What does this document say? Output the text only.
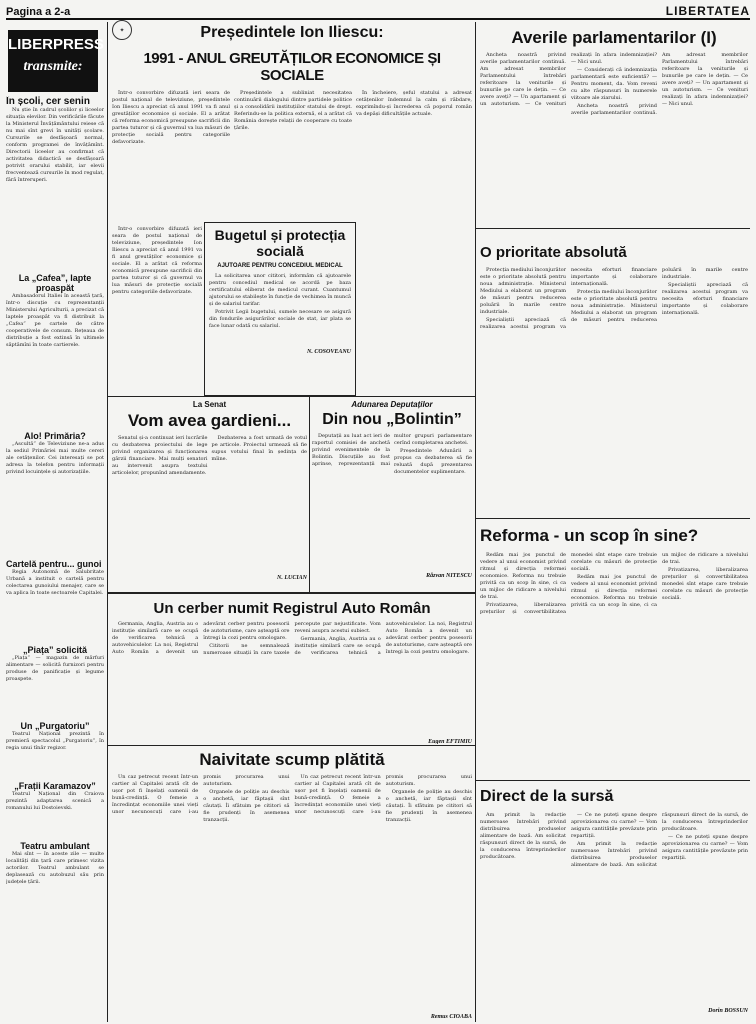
Pagina a 2-a	LIBERTATEA
LIBERPRESS
transmite:
În școli, cer senin

Nu știe în cadrul școlilor și liceelor situația elevilor. Din verificările făcute la Ministerul Învățământului reiese că nu mai sînt grevi în unități școlare. Cursurile se desfășoară normal, conform programei de învățămînt. Directorii liceelor au confirmat că activitatea didactică se desfășoară potrivit orarului stabilit, iar elevii frecventează cursurile în mod regulat, fără întreruperi.

La „Cafea”, lapte proaspăt

Ambasadorul Italiei în această țară, într-o discuție cu reprezentanții Ministerului Agriculturii, a precizat că laptele proaspăt va fi distribuit la „Cafea” pe cartele de către cooperativele de consum. Rețeaua de distribuție a fost extinsă în ultimele săptămîni în toate cartierele.

Alo! Primăria?

„Ascultă” de Televiziune ne-a adus la sediul Primăriei mai multe cereri ale cetățenilor. Cei interesați se pot adresa la telefon pentru informații privind locuințele și autorizațiile.

Cartelă pentru... gunoi

Regia Autonomă de Salubritate Urbană a instituit o cartelă pentru colectarea gunoiului menajer, care se va aplica în toate sectoarele Capitalei.

„Piața” solicită

„Piața” — magazin de mărfuri alimentare — solicită furnizori pentru produse de panificație și legume proaspete.

Un „Purgatoriu”

Teatrul Național prezintă în premieră spectacolul „Purgatoriu”, în regia unui tînăr regizor.

„Frații Karamazov”

Teatrul Național din Craiova prezintă adaptarea scenică a romanului lui Dostoievski.

Teatru ambulant

Mai sînt — în aceste zile — multe localități din țară care primesc vizita actorilor. Teatrul ambulant se deplasează cu autobuzul său prin județele țării.

✦	Președintele Ion Iliescu:
1991 - ANUL GREUTĂȚILOR ECONOMICE ȘI SOCIALE

Într-o convorbire difuzată ieri seara de postul național de televiziune, președintele Ion Iliescu a apreciat că anul 1991 va fi anul greutăților economice și sociale. El a arătat că reforma economică presupune sacrificii din partea tuturor și că guvernul va lua măsuri de protecție socială pentru categoriile defavorizate.

Președintele a subliniat necesitatea continuării dialogului dintre partidele politice și a consolidării instituțiilor statului de drept. Referindu-se la politica externă, el a arătat că România dorește relații de cooperare cu toate țările.

În încheiere, șeful statului a adresat cetățenilor îndemnul la calm și răbdare, exprimîndu-și încrederea că poporul român va depăși dificultățile actuale.

Într-o convorbire difuzată ieri seara de postul național de televiziune, președintele Ion Iliescu a apreciat că anul 1991 va fi anul greutăților economice și sociale. El a arătat că reforma economică presupune sacrificii din partea tuturor și că guvernul va lua măsuri de protecție socială pentru categoriile defavorizate.

Bugetul și protecția socială
AJUTOARE PENTRU CONCEDIUL MEDICAL

La solicitarea unor cititori, informăm că ajutoarele pentru concediul medical se acordă pe baza certificatului eliberat de medicul curant. Cuantumul ajutorului se stabilește în funcție de vechimea în muncă și de salariul tarifar.

Potrivit Legii bugetului, sumele necesare se asigură din fondurile asigurărilor sociale de stat, iar plata se face lunar odată cu salariul.

N. COSOVEANU
La Senat
Vom avea gardieni...

Senatul și-a continuat ieri lucrările cu dezbaterea proiectului de lege privind organizarea și funcționarea gărzii financiare. Mai mulți senatori au intervenit asupra textului articolelor, propunînd amendamente.

Dezbaterea a fost urmată de votul pe articole. Proiectul urmează să fie supus votului final în ședința de mîine.

N. LUCIAN
Adunarea Deputaților
Din nou „Bolintin”

Deputații au luat act ieri de raportul comisiei de anchetă privind evenimentele de la Bolintin. Discuțiile au fost aprinse, reprezentanții mai multor grupuri parlamentare cerînd completarea anchetei.

Președintele Adunării a propus ca dezbaterea să fie reluată după prezentarea documentelor suplimentare.

Răzvan NITESCU
Un cerber numit Registrul Auto Român

Germania, Anglia, Austria au o instituție similară care se ocupă de verificarea tehnică a autovehiculelor. La noi, Registrul Auto Român a devenit un adevărat cerber pentru posesorii de autoturisme, care așteaptă ore întregi la cozi pentru omologare.

Cititorii ne semnalează numeroase situații în care taxele percepute par nejustificate. Vom reveni asupra acestui subiect.

Germania, Anglia, Austria au o instituție similară care se ocupă de verificarea tehnică a autovehiculelor. La noi, Registrul Auto Român a devenit un adevărat cerber pentru posesorii de autoturisme, care așteaptă ore întregi la cozi pentru omologare.

Eugen EFTIMIU
Naivitate scump plătită

Un caz petrecut recent într-un cartier al Capitalei arată cît de ușor pot fi înșelați oamenii de bună-credință. O femeie a încredințat economiile unei vieți unor necunoscuți care i-au promis procurarea unui autoturism.

Organele de poliție au deschis o anchetă, iar făptașii sînt căutați. Îi sfătuim pe cititori să fie prudenți în asemenea tranzacții.

Un caz petrecut recent într-un cartier al Capitalei arată cît de ușor pot fi înșelați oamenii de bună-credință. O femeie a încredințat economiile unei vieți unor necunoscuți care i-au promis procurarea unui autoturism.

Organele de poliție au deschis o anchetă, iar făptașii sînt căutați. Îi sfătuim pe cititori să fie prudenți în asemenea tranzacții.

Remus CIOABA
Averile parlamentarilor (I)

Ancheta noastră privind averile parlamentarilor continuă. Am adresat membrilor Parlamentului întrebări referitoare la veniturile și bunurile pe care le dețin. — Ce avere aveți? — Un apartament și un autoturism. — Ce venituri realizați în afara indemnizației? — Nici unul.

— Considerați că indemnizația parlamentară este suficientă? — Pentru moment, da. Vom reveni cu alte răspunsuri în numerele viitoare ale ziarului.

Ancheta noastră privind averile parlamentarilor continuă. Am adresat membrilor Parlamentului întrebări referitoare la veniturile și bunurile pe care le dețin. — Ce avere aveți? — Un apartament și un autoturism. — Ce venituri realizați în afara indemnizației? — Nici unul.

O prioritate absolută

Protecția mediului înconjurător este o prioritate absolută pentru noua administrație. Ministerul Mediului a elaborat un program de măsuri pentru reducerea poluării în marile centre industriale.

Specialiștii apreciază că realizarea acestui program va necesita eforturi financiare importante și colaborare internațională.

Protecția mediului înconjurător este o prioritate absolută pentru noua administrație. Ministerul Mediului a elaborat un program de măsuri pentru reducerea poluării în marile centre industriale.

Specialiștii apreciază că realizarea acestui program va necesita eforturi financiare importante și colaborare internațională.

Reforma - un scop în sine?

Redăm mai jos punctul de vedere al unui economist privind ritmul și direcția reformei economice. Reforma nu trebuie privită ca un scop în sine, ci ca un mijloc de ridicare a nivelului de trai.

Privatizarea, liberalizarea prețurilor și convertibilitatea monedei sînt etape care trebuie corelate cu măsuri de protecție socială.

Redăm mai jos punctul de vedere al unui economist privind ritmul și direcția reformei economice. Reforma nu trebuie privită ca un scop în sine, ci ca un mijloc de ridicare a nivelului de trai.

Privatizarea, liberalizarea prețurilor și convertibilitatea monedei sînt etape care trebuie corelate cu măsuri de protecție socială.

Direct de la sursă

Am primit la redacție numeroase întrebări privind distribuirea produselor alimentare de bază. Am solicitat răspunsuri direct de la sursă, de la conducerea întreprinderilor producătoare.

— Ce ne puteți spune despre aprovizionarea cu carne? — Vom asigura cantitățile prevăzute prin repartiții.

Am primit la redacție numeroase întrebări privind distribuirea produselor alimentare de bază. Am solicitat răspunsuri direct de la sursă, de la conducerea întreprinderilor producătoare.

— Ce ne puteți spune despre aprovizionarea cu carne? — Vom asigura cantitățile prevăzute prin repartiții.

Dorin BOSSUN
